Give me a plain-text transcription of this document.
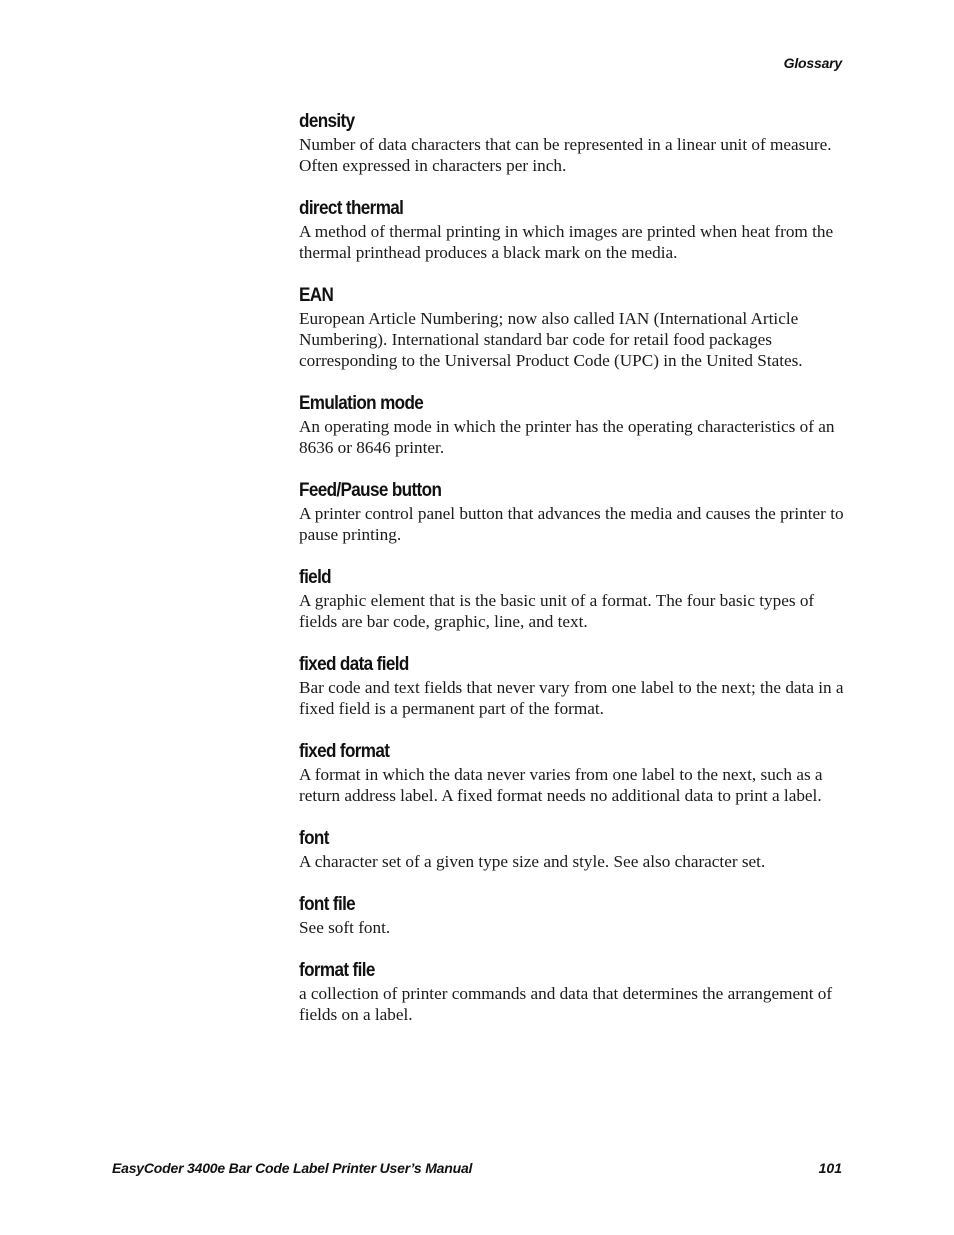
Glossary
density
Number of data characters that can be represented in a linear unit of measure. Often expressed in characters per inch.
direct thermal
A method of thermal printing in which images are printed when heat from the thermal printhead produces a black mark on the media.
EAN
European Article Numbering; now also called IAN (International Article Numbering). International standard bar code for retail food packages corresponding to the Universal Product Code (UPC) in the United States.
Emulation mode
An operating mode in which the printer has the operating characteristics of an 8636 or 8646 printer.
Feed/Pause button
A printer control panel button that advances the media and causes the printer to pause printing.
field
A graphic element that is the basic unit of a format. The four basic types of fields are bar code, graphic, line, and text.
fixed data field
Bar code and text fields that never vary from one label to the next; the data in a fixed field is a permanent part of the format.
fixed format
A format in which the data never varies from one label to the next, such as a return address label. A fixed format needs no additional data to print a label.
font
A character set of a given type size and style. See also character set.
font file
See soft font.
format file
a collection of printer commands and data that determines the arrangement of fields on a label.
EasyCoder 3400e Bar Code Label Printer User’s Manual	101
